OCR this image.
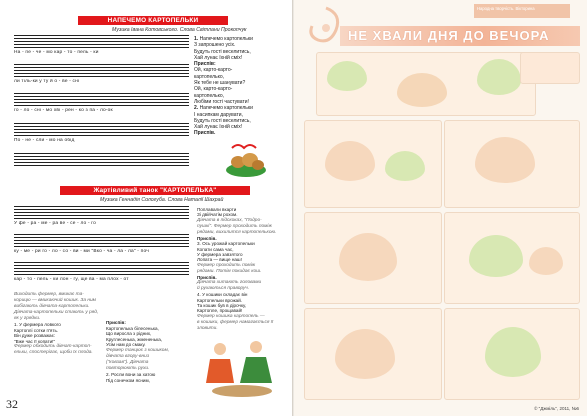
НАПЕЧЕМО КАРТОПЕЛЬКИ
Музика Івана Котовського. Слова Світлани Прокопчук
На - пе - че - мо кар - то - пель - ки
ли тіль-ки у ту й о - ве - сні
го - ло - сні - мо хві - рен - ко з па - ло-ок
По - не - сли - мо на обід
1. Напечемо картопельки
З запрошено усіх.
Будуть гості веселитись,
Хай лунає їхній сміх!
Приспів:
Ой, карто-карто-
картопелько,
Як тебе не шанувати?
Ой, карто-карто-
картопелько,
Любіми гості частувати!
2. Напечемо картопельки
І насипкам дарувати,
Будуть гості веселитись,
Хай лунає їхній сміх!
Приспів.
Жартівливий танок "КАРТОПЕЛЬКА"
Музика Геннадія Сологуба. Слова Наталії Шахрай
У фе - ра - ме - ра ве - се - ло - го
ку - ме - ри го - ло - со - ви - ми "Вко - ча - ла - ла" - поч
кар - то - пель - ки лон - гу, ще ва - ма плох - от
Поплавали вкарти
Зі двійчатім рохом.
Дівчата в підскоках, "Подро-
пушкі". Фермер проходить поміж
рядами, вихилится картопелькою.
Приспів.
3. Ось урожай картопельки
Копати сама час,
У фермера завзятого
Лопата — вище наш!
Фермер проходить поміж
рядами. Потім покидає кош.
Приспів.
Дівчата хитають головами
й рухаються праворуч.
4. У кошики складає він
Картопельки врожай.
Та кошик був в дірочку,
Картопле, прощавай!
Фермер кошика картопель —
в кошики, фермер намагається її
зловити.
Виходить фермер, вмикає та-
корицю — вмикаючий кошик. За ним
вибігають дівчата-картопельки.
Дівчата-картопельки стають у ряд,
як у грядки.
1. У фермера ловкого
Картоплі сотки п'ять.
Він дуже розважає:
"Вже час її копати!"
Фермер обходить дівчат-картоп-
ельки, спостерігає, щоби їх плода.
Приспів:
Картопелька білесенька,
Що виросла з рідних,
Круглесенька, жмененька,
Усім нам до смаку.
Фермер танцює з кошиком,
дівчата вгору-вниз
("ковзав"). Дівчата
повторюють рухи.
2. Росли вони за хатою
Під сонечком ясним,
32
Народна творчість. Вікторина
НЕ ХВАЛИ ДНЯ ДО ВЕЧОРА
© "Джміль", 2011, №6
